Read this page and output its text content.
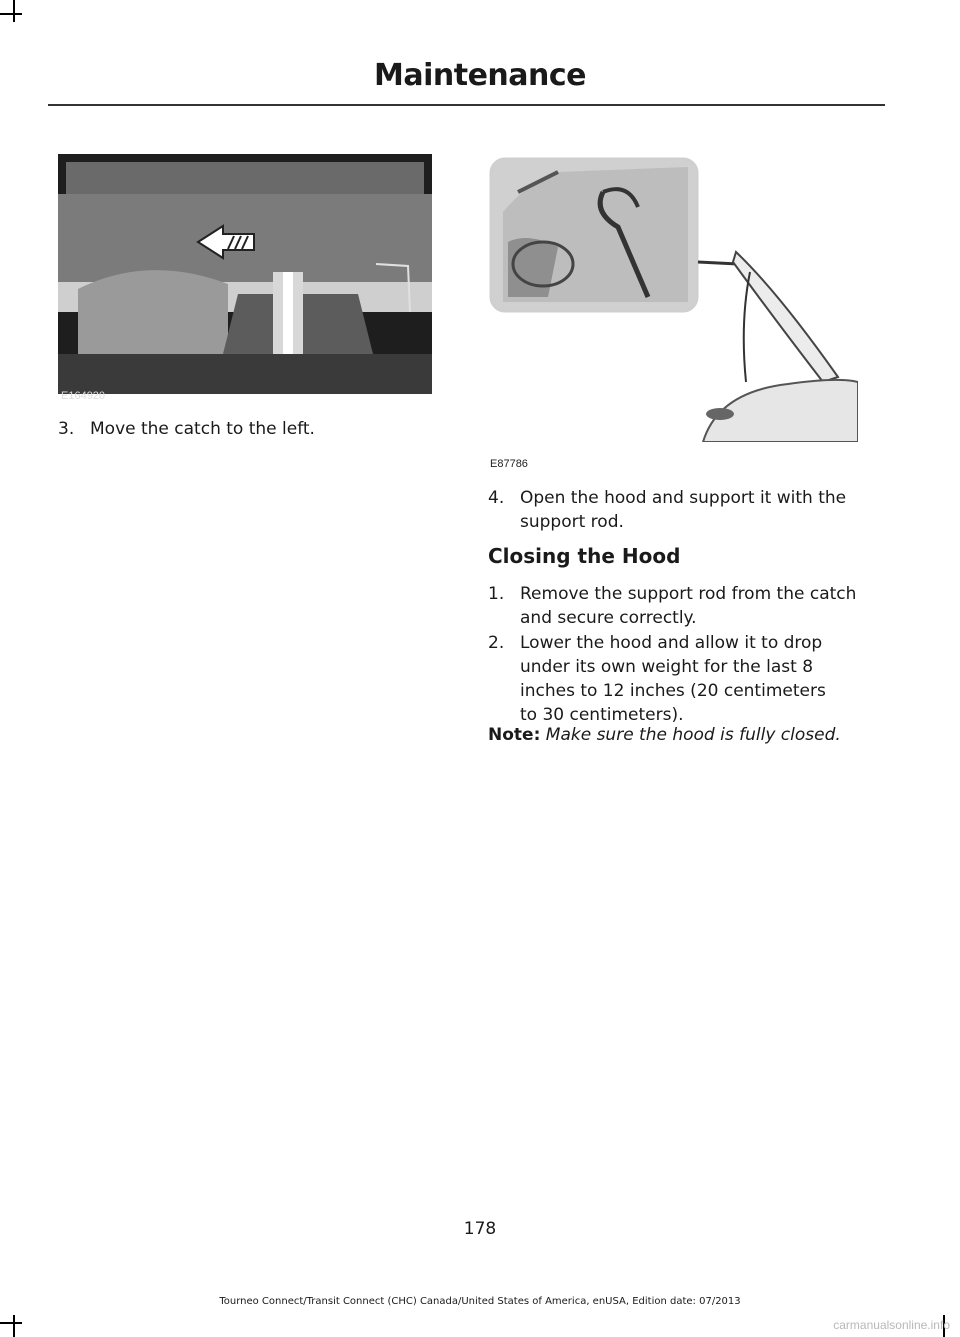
Maintenance
E164920
3. Move the catch to the left.
E87786
4. Open the hood and support it with the
support rod.
Closing the Hood
1. Remove the support rod from the catch
and secure correctly.
2. Lower the hood and allow it to drop
under its own weight for the last 8
inches to 12 inches (20 centimeters
to 30 centimeters).
Note: Make sure the hood is fully closed.
178
Tourneo Connect/Transit Connect (CHC) Canada/United States of America, enUSA, Edition date: 07/2013
carmanualsonline.info
